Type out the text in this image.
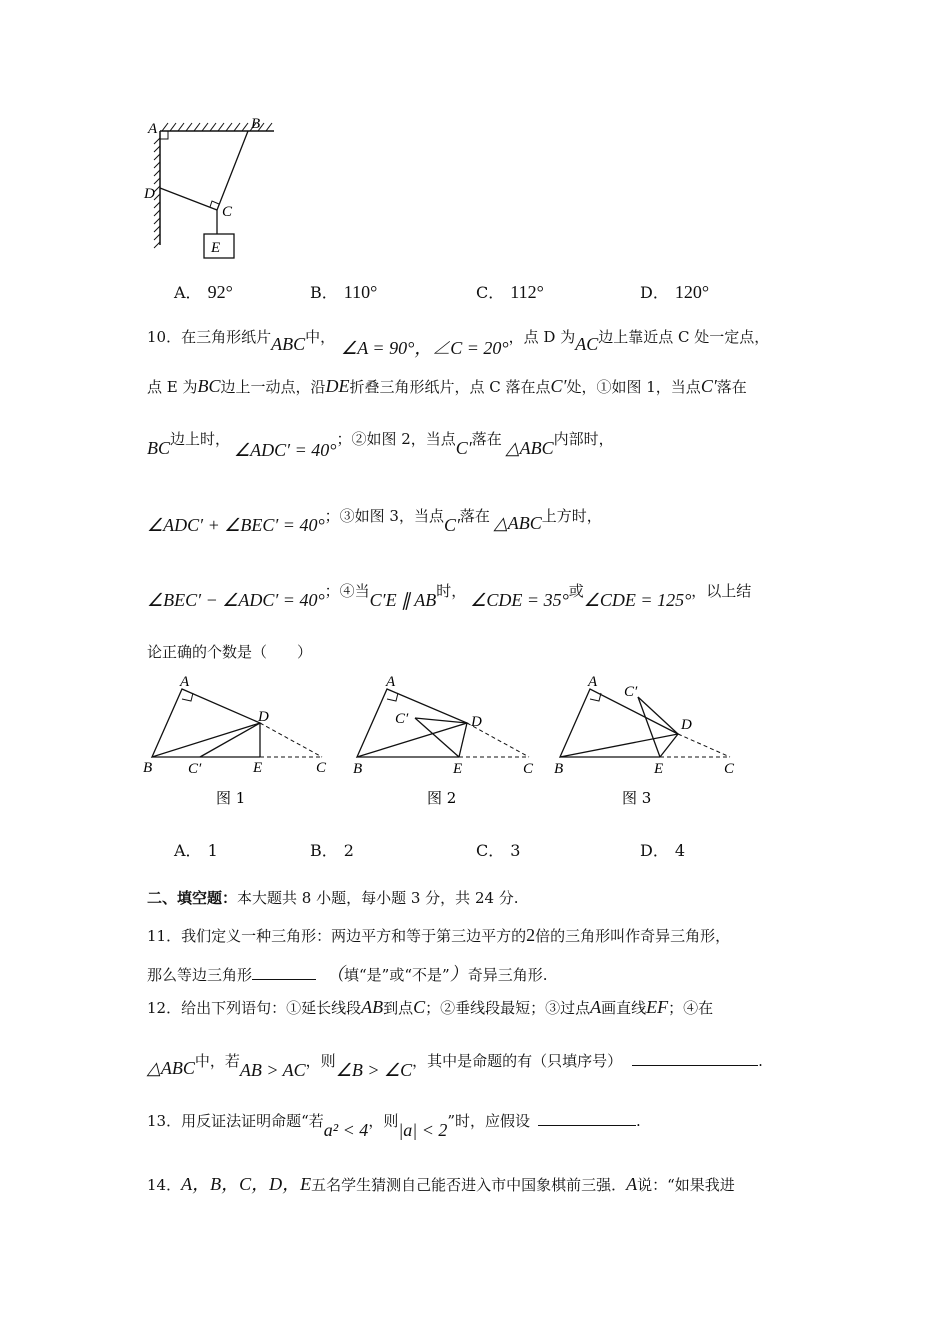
A	B
C
D
E
A． 92°	B． 110°	C． 112°	D． 120°
10．在三角形纸片ABC中，∠A = 90°，∠C = 20°，点 D 为AC边上靠近点 C 处一定点，
点 E 为BC边上一动点，沿DE折叠三角形纸片，点 C 落在点C′处，①如图 1，当点C′落在
BC边上时，∠ADC′ = 40°；②如图 2，当点C′落在 △ABC内部时，
∠ADC′ + ∠BEC′ = 40°；③如图 3，当点C′落在 △ABC上方时，
∠BEC′ − ∠ADC′ = 40°；④当C′E ∥ AB时， ∠CDE = 35°或∠CDE = 125°，以上结
论正确的个数是（　　）
A
B	C
D
E
C′
图 1
A
B	C
D
E
C′
图 2
A
B	C
D
E
C′
图 3
A． 1	B． 2	C． 3	D． 4
二、填空题：本大题共 8 小题，每小题 3 分，共 24 分.
11．我们定义一种三角形：两边平方和等于第三边平方的2倍的三角形叫作奇异三角形，
那么等边三角形	（填“是”或“不是”）奇异三角形.
12．给出下列语句：①延长线段AB到点C；②垂线段最短；③过点A画直线EF；④在
△ABC中，若AB > AC，则∠B > ∠C，其中是命题的有（只填序号）	.
13．用反证法证明命题“若a² < 4，则|a| < 2”时，应假设	.
14．A，B，C，D，E五名学生猜测自己能否进入市中国象棋前三强．A说：“如果我进
